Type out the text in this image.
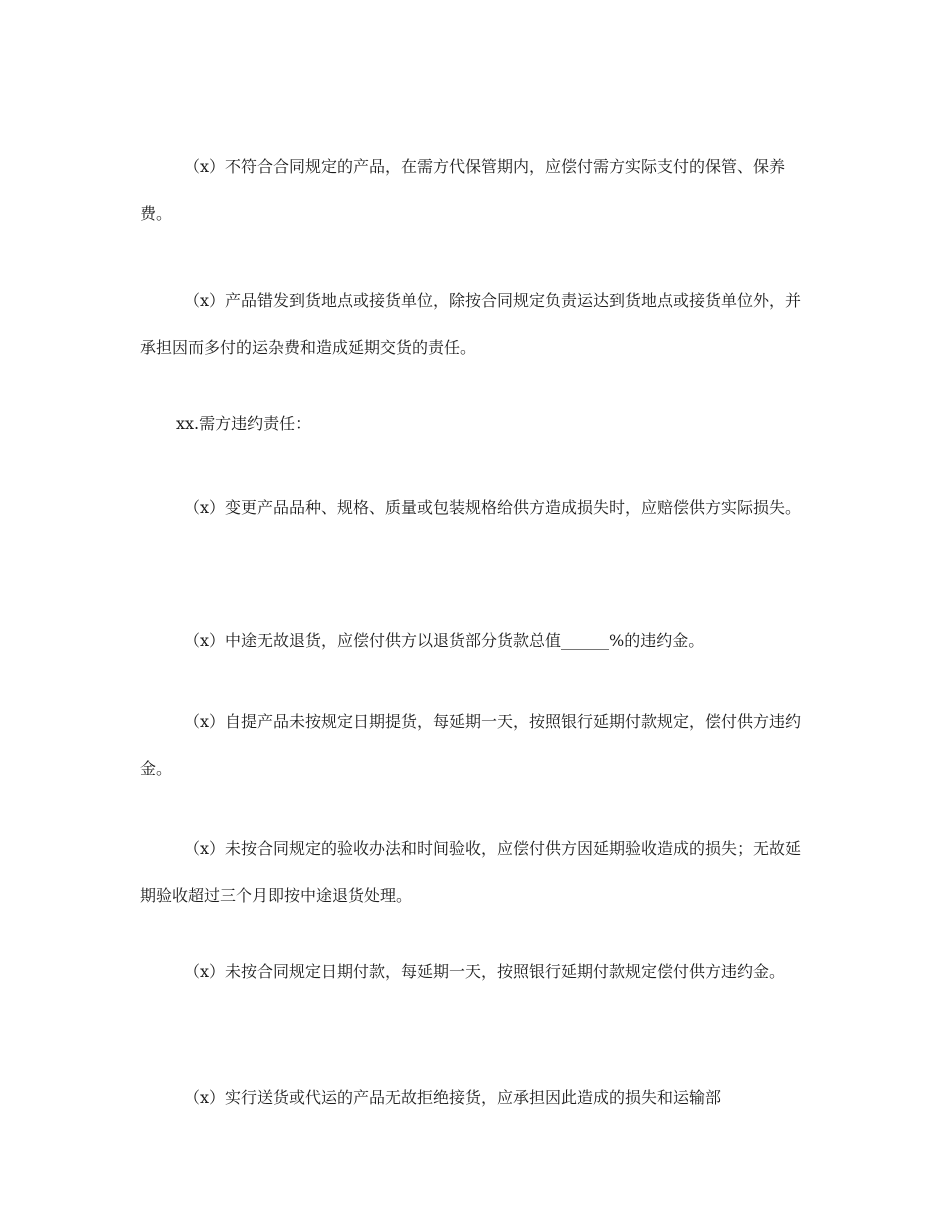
（x）不符合合同规定的产品，在需方代保管期内，应偿付需方实际支付的保管、保养费。

（x）产品错发到货地点或接货单位，除按合同规定负责运达到货地点或接货单位外，并承担因而多付的运杂费和造成延期交货的责任。

xx.需方违约责任：

（x）变更产品品种、规格、质量或包装规格给供方造成损失时，应赔偿供方实际损失。

（x）中途无故退货，应偿付供方以退货部分货款总值______%的违约金。

（x）自提产品未按规定日期提货，每延期一天，按照银行延期付款规定，偿付供方违约金。

（x）未按合同规定的验收办法和时间验收，应偿付供方因延期验收造成的损失；无故延期验收超过三个月即按中途退货处理。

（x）未按合同规定日期付款，每延期一天，按照银行延期付款规定偿付供方违约金。

（x）实行送货或代运的产品无故拒绝接货，应承担因此造成的损失和运输部
